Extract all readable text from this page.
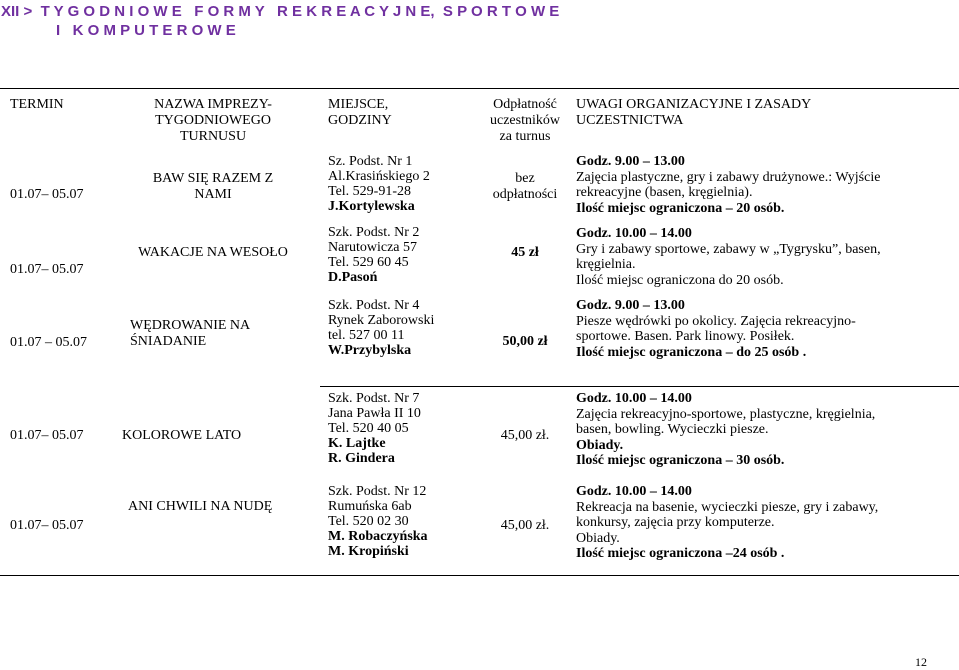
XII >  T Y G O D N I O W E   F O R M Y   R E K R E A C Y J N E,  S P O R T O W E
I   K O M P U T E R O W E
TERMIN	NAZWA IMPREZY-
TYGODNIOWEGO
TURNUSU
MIEJSCE,
GODZINY
Odpłatność
uczestników
za turnus
UWAGI ORGANIZACYJNE I ZASADY
UCZESTNICTWA
01.07– 05.07
BAW SIĘ RAZEM Z
NAMI
Sz. Podst. Nr 1
Al.Krasińskiego 2
Tel. 529-91-28
J.Kortylewska
bez
odpłatności
Godz. 9.00 – 13.00
Zajęcia plastyczne, gry i zabawy drużynowe.: Wyjście
rekreacyjne (basen, kręgielnia).
Ilość miejsc ograniczona – 20 osób.
01.07– 05.07
WAKACJE NA WESOŁO
Szk. Podst. Nr 2
Narutowicza 57
Tel. 529 60 45
D.Pasoń
45 zł
Godz. 10.00 – 14.00
Gry i zabawy sportowe, zabawy w „Tygrysku”, basen,
kręgielnia.
Ilość miejsc ograniczona do 20 osób.
01.07 – 05.07
WĘDROWANIE NA
ŚNIADANIE
Szk. Podst. Nr 4
Rynek Zaborowski
tel. 527 00 11
W.Przybylska
50,00 zł
Godz. 9.00 – 13.00
Piesze wędrówki po okolicy. Zajęcia rekreacyjno-
sportowe. Basen. Park linowy. Posiłek.
Ilość miejsc ograniczona – do 25 osób .
01.07– 05.07	KOLOROWE LATO
Szk. Podst. Nr 7
Jana Pawła II 10
Tel. 520 40 05
K. Lajtke
R. Gindera
45,00 zł.
Godz. 10.00 – 14.00
Zajęcia rekreacyjno-sportowe, plastyczne, kręgielnia,
basen, bowling. Wycieczki piesze.
Obiady.
Ilość miejsc ograniczona – 30 osób.
01.07– 05.07
ANI CHWILI NA NUDĘ
Szk. Podst. Nr 12
Rumuńska 6ab
Tel. 520 02 30
M. Robaczyńska
M. Kropiński
45,00 zł.
Godz. 10.00 – 14.00
Rekreacja na basenie, wycieczki piesze, gry i zabawy,
konkursy, zajęcia przy komputerze.
Obiady.
Ilość miejsc ograniczona –24 osób .
12
